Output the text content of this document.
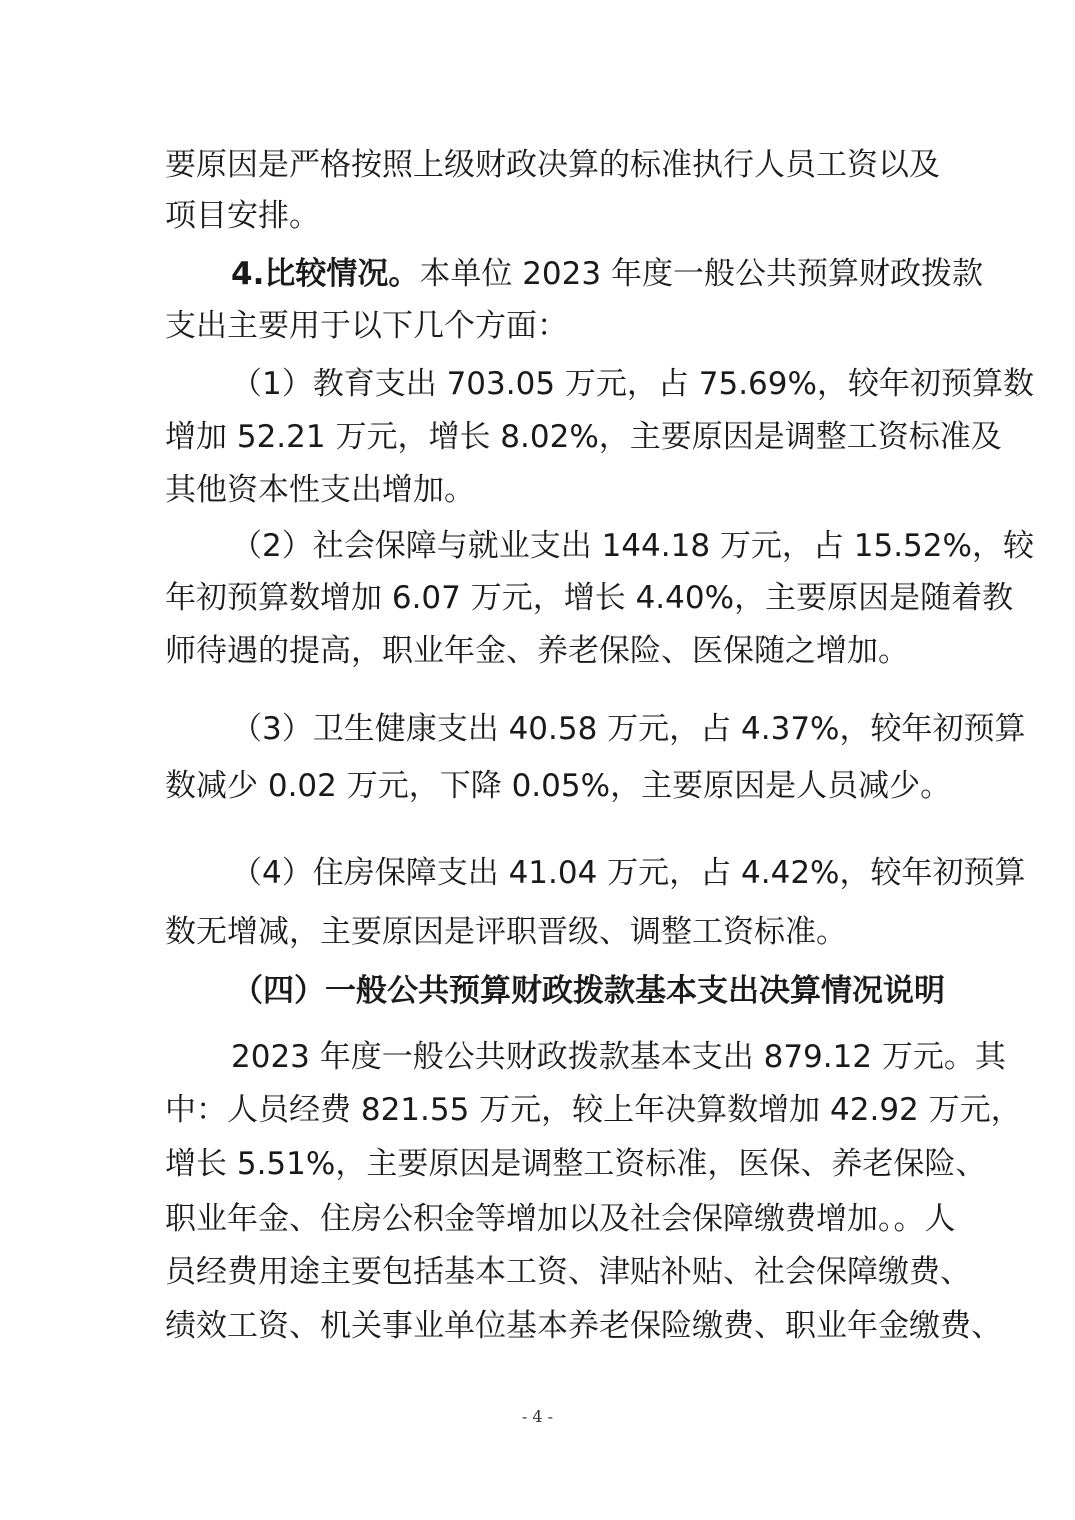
要原因是严格按照上级财政决算的标准执行人员工资以及
项目安排。
4.比较情况。本单位 2023 年度一般公共预算财政拨款
支出主要用于以下几个方面：
（1）教育支出 703.05 万元，占 75.69%，较年初预算数
增加 52.21 万元，增长 8.02%，主要原因是调整工资标准及
其他资本性支出增加。
（2）社会保障与就业支出 144.18 万元，占 15.52%，较
年初预算数增加 6.07 万元，增长 4.40%，主要原因是随着教
师待遇的提高，职业年金、养老保险、医保随之增加。
（3）卫生健康支出 40.58 万元，占 4.37%，较年初预算
数减少 0.02 万元，下降 0.05%，主要原因是人员减少。
（4）住房保障支出 41.04 万元，占 4.42%，较年初预算
数无增减，主要原因是评职晋级、调整工资标准。
（四）一般公共预算财政拨款基本支出决算情况说明
2023 年度一般公共财政拨款基本支出 879.12 万元。其
中：人员经费 821.55 万元，较上年决算数增加 42.92 万元，
增长 5.51%，主要原因是调整工资标准，医保、养老保险、
职业年金、住房公积金等增加以及社会保障缴费增加。。人
员经费用途主要包括基本工资、津贴补贴、社会保障缴费、
绩效工资、机关事业单位基本养老保险缴费、职业年金缴费、
- 4 -
